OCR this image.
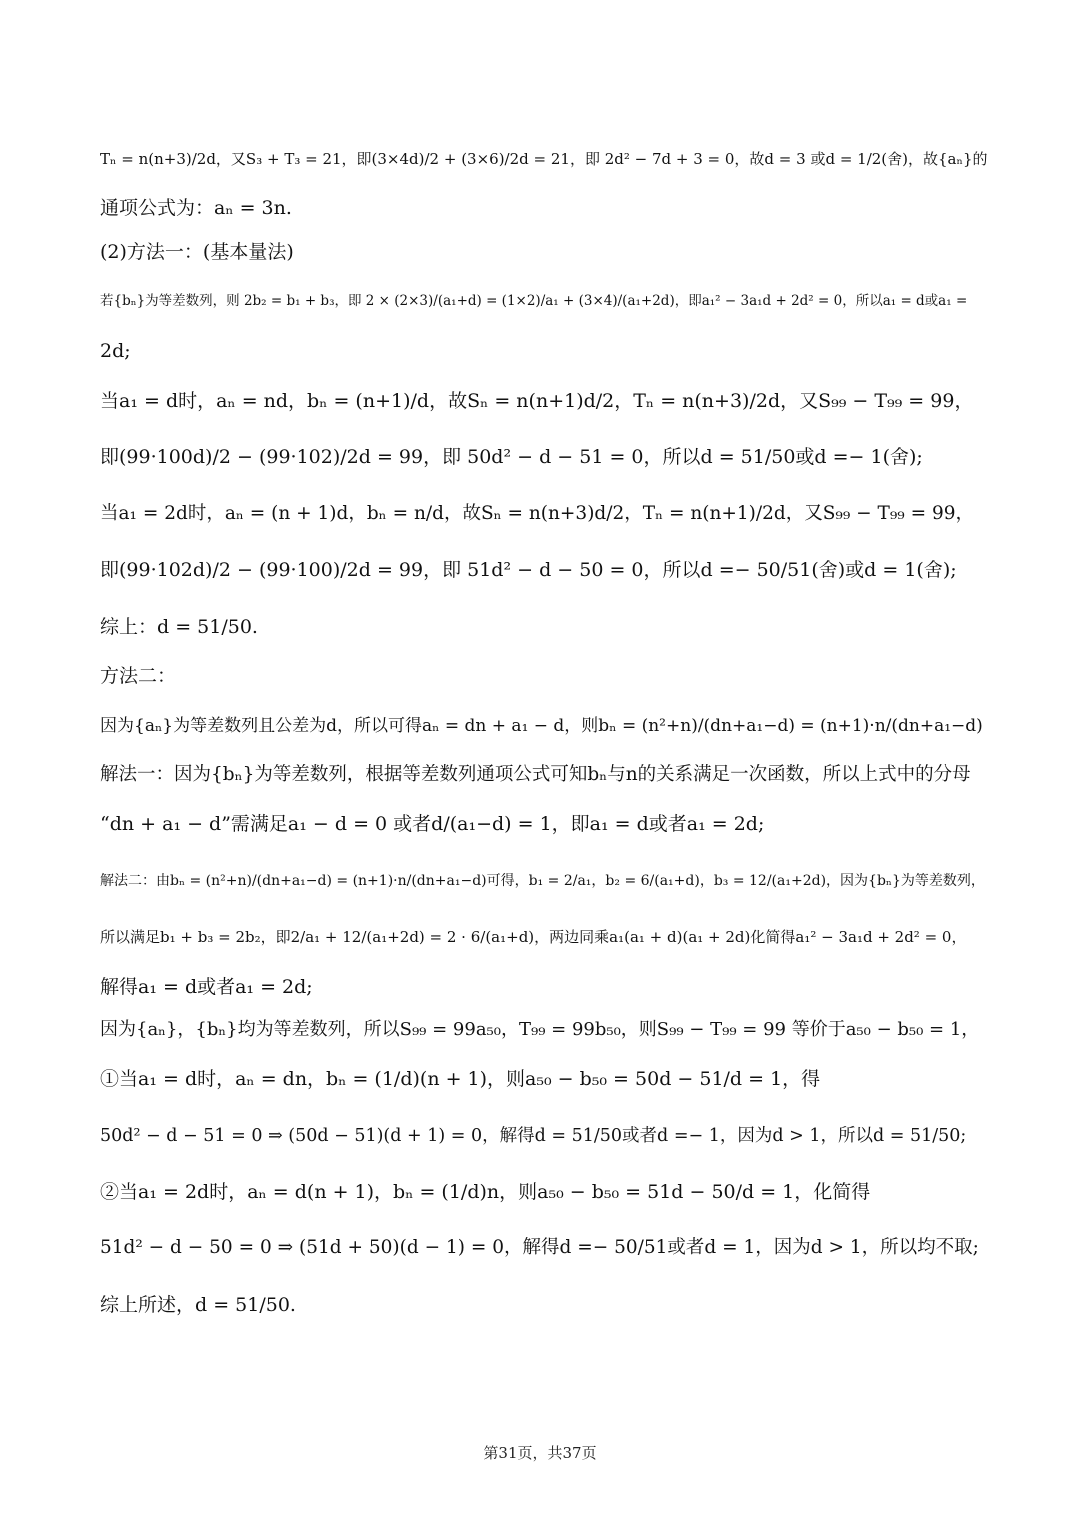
Tₙ = n(n+3)/2d，又S₃ + T₃ = 21，即(3×4d)/2 + (3×6)/2d = 21，即 2d² − 7d + 3 = 0，故d = 3 或d = 1/2(舍)，故{aₙ}的
通项公式为：aₙ = 3n.
(2)方法一：(基本量法)
若{bₙ}为等差数列，则 2b₂ = b₁ + b₃，即 2 × (2×3)/(a₁+d) = (1×2)/a₁ + (3×4)/(a₁+2d)，即a₁² − 3a₁d + 2d² = 0，所以a₁ = d或a₁ =
2d;
当a₁ = d时，aₙ = nd，bₙ = (n+1)/d，故Sₙ = n(n+1)d/2，Tₙ = n(n+3)/2d，又S₉₉ − T₉₉ = 99，
即(99·100d)/2 − (99·102)/2d = 99，即 50d² − d − 51 = 0，所以d = 51/50或d =− 1(舍);
当a₁ = 2d时，aₙ = (n + 1)d，bₙ = n/d，故Sₙ = n(n+3)d/2，Tₙ = n(n+1)/2d，又S₉₉ − T₉₉ = 99，
即(99·102d)/2 − (99·100)/2d = 99，即 51d² − d − 50 = 0，所以d =− 50/51(舍)或d = 1(舍);
综上：d = 51/50.
方法二：
因为{aₙ}为等差数列且公差为d，所以可得aₙ = dn + a₁ − d，则bₙ = (n²+n)/(dn+a₁−d) = (n+1)·n/(dn+a₁−d)
解法一：因为{bₙ}为等差数列，根据等差数列通项公式可知bₙ与n的关系满足一次函数，所以上式中的分母
“dn + a₁ − d”需满足a₁ − d = 0 或者d/(a₁−d) = 1，即a₁ = d或者a₁ = 2d;
解法二：由bₙ = (n²+n)/(dn+a₁−d) = (n+1)·n/(dn+a₁−d)可得，b₁ = 2/a₁，b₂ = 6/(a₁+d)，b₃ = 12/(a₁+2d)，因为{bₙ}为等差数列，
所以满足b₁ + b₃ = 2b₂，即2/a₁ + 12/(a₁+2d) = 2 · 6/(a₁+d)，两边同乘a₁(a₁ + d)(a₁ + 2d)化简得a₁² − 3a₁d + 2d² = 0，
解得a₁ = d或者a₁ = 2d;
因为{aₙ}，{bₙ}均为等差数列，所以S₉₉ = 99a₅₀，T₉₉ = 99b₅₀，则S₉₉ − T₉₉ = 99 等价于a₅₀ − b₅₀ = 1，
①当a₁ = d时，aₙ = dn，bₙ = (1/d)(n + 1)，则a₅₀ − b₅₀ = 50d − 51/d = 1，得
50d² − d − 51 = 0 ⇒ (50d − 51)(d + 1) = 0，解得d = 51/50或者d =− 1，因为d > 1，所以d = 51/50;
②当a₁ = 2d时，aₙ = d(n + 1)，bₙ = (1/d)n，则a₅₀ − b₅₀ = 51d − 50/d = 1，化简得
51d² − d − 50 = 0 ⇒ (51d + 50)(d − 1) = 0，解得d =− 50/51或者d = 1，因为d > 1，所以均不取;
综上所述，d = 51/50.
第31页，共37页
